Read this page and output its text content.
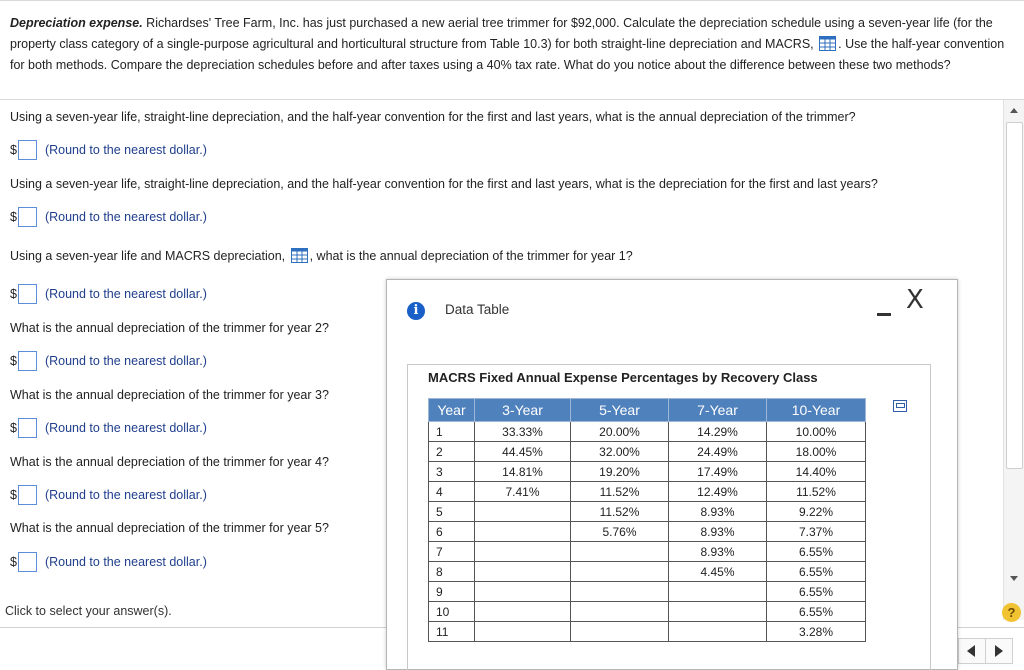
Depreciation expense. Richardses' Tree Farm, Inc. has just purchased a new aerial tree trimmer for $92,000. Calculate the depreciation schedule using a seven-year life (for the property class category of a single-purpose agricultural and horticultural structure from Table 10.3) for both straight-line depreciation and MACRS, . Use the half-year convention for both methods. Compare the depreciation schedules before and after taxes using a 40% tax rate. What do you notice about the difference between these two methods?
Using a seven-year life, straight-line depreciation, and the half-year convention for the first and last years, what is the annual depreciation of the trimmer?
$ (Round to the nearest dollar.)
Using a seven-year life, straight-line depreciation, and the half-year convention for the first and last years, what is the depreciation for the first and last years?
$ (Round to the nearest dollar.)
Using a seven-year life and MACRS depreciation, , what is the annual depreciation of the trimmer for year 1?
$ (Round to the nearest dollar.)
What is the annual depreciation of the trimmer for year 2?
$ (Round to the nearest dollar.)
What is the annual depreciation of the trimmer for year 3?
$ (Round to the nearest dollar.)
What is the annual depreciation of the trimmer for year 4?
$ (Round to the nearest dollar.)
What is the annual depreciation of the trimmer for year 5?
$ (Round to the nearest dollar.)
Click to select your answer(s).	?
i	Data Table	X
MACRS Fixed Annual Expense Percentages by Recovery Class
Year	3-Year	5-Year	7-Year	10-Year
1	33.33%	20.00%	14.29%	10.00%
2	44.45%	32.00%	24.49%	18.00%
3	14.81%	19.20%	17.49%	14.40%
4	7.41%	11.52%	12.49%	11.52%
5		11.52%	8.93%	9.22%
6		5.76%	8.93%	7.37%
7			8.93%	6.55%
8			4.45%	6.55%
9				6.55%
10				6.55%
11				3.28%
